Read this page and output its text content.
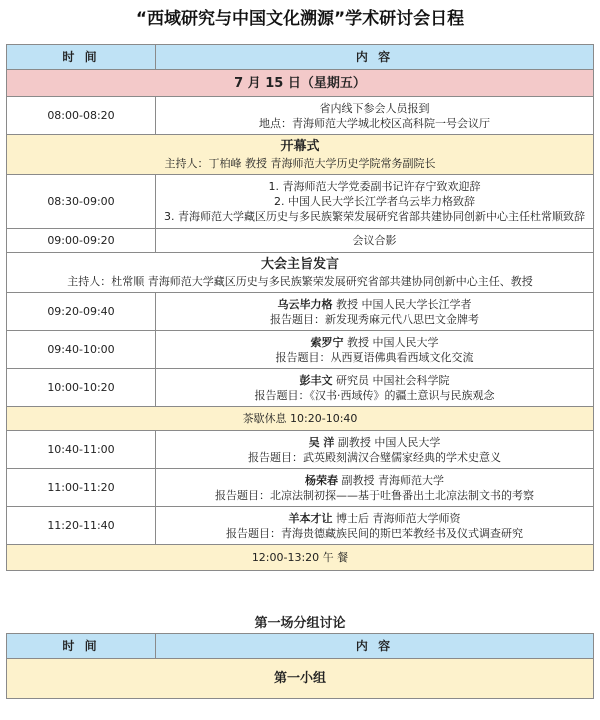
“西域研究与中国文化溯源”学术研讨会日程
时 间	内 容
7 月 15 日（星期五）	
08:00-08:20	省内线下参会人员报到
地点：青海师范大学城北校区高科院一号会议厅

开幕式
主持人：丁柏峰 教授 青海师范大学历史学院常务副院长	

08:30-09:00	1. 青海师范大学党委副书记许存宁致欢迎辞
2. 中国人民大学长江学者乌云毕力格致辞
3. 青海师范大学藏区历史与多民族繁荣发展研究省部共建协同创新中心主任杜常顺致辞

09:00-09:20	会议合影

大会主旨发言
主持人：杜常顺 青海师范大学藏区历史与多民族繁荣发展研究省部共建协同创新中心主任、教授	

09:20-09:40	乌云毕力格 教授 中国人民大学长江学者
报告题目：新发现秀麻元代八思巴文金牌考

09:40-10:00	索罗宁 教授 中国人民大学
报告题目：从西夏语佛典看西域文化交流

10:00-10:20	彭丰文 研究员 中国社会科学院
报告题目：《汉书·西域传》的疆土意识与民族观念

茶歇休息 10:20-10:40	
10:40-11:00	吴 洋 副教授 中国人民大学
报告题目：武英殿刻满汉合璧儒家经典的学术史意义

11:00-11:20	杨荣春 副教授 青海师范大学
报告题目：北凉法制初探——基于吐鲁番出土北凉法制文书的考察

11:20-11:40	羊本才让 博士后 青海师范大学师资
报告题目：青海贵德藏族民间的斯巴苯教经书及仪式调查研究

12:00-13:20 午 餐	
第一场分组讨论
时 间	内 容
第一小组
